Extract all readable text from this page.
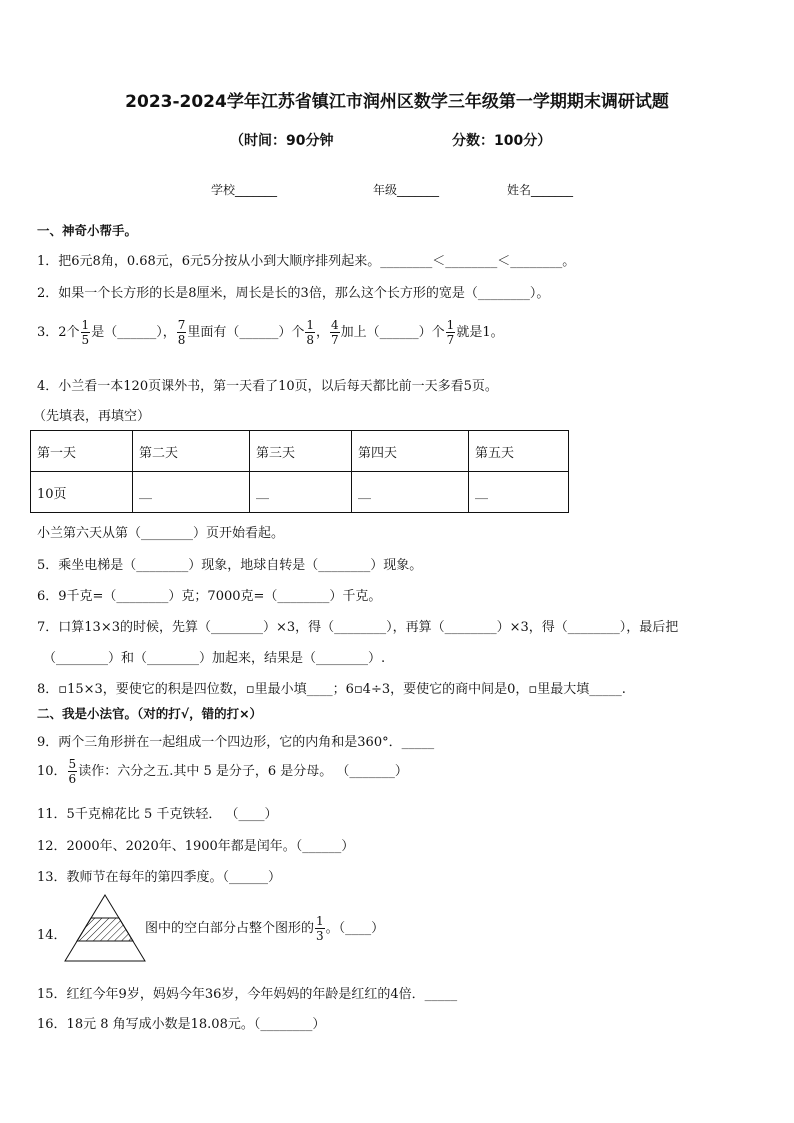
2023-2024学年江苏省镇江市润州区数学三年级第一学期期末调研试题
（时间：90分钟	分数：100分）
学校_______	年级_______	姓名_______
一、神奇小帮手。
1．把6元8角，0.68元，6元5分按从小到大顺序排列起来。________＜________＜________。
2．如果一个长方形的长是8厘米，周长是长的3倍，那么这个长方形的宽是（________）。
3．2个 $\frac{1}{5}$ 是（______）， $\frac{7}{8}$ 里面有（______）个 $\frac{1}{8}$ ， $\frac{4}{7}$ 加上（______）个 $\frac{1}{7}$ 就是1。
4．小兰看一本120页课外书，第一天看了10页，以后每天都比前一天多看5页。
（先填表，再填空）
第一天	第二天	第三天	第四天	第五天
10页	__	__	__	__
小兰第六天从第（________）页开始看起。
5．乘坐电梯是（________）现象，地球自转是（________）现象。
6．9千克=（________）克；7000克=（________）千克。
7．口算13×3的时候，先算（________）×3，得（________），再算（________）×3，得（________），最后把
（________）和（________）加起来，结果是（________）.
8．▫15×3，要使它的积是四位数，▫里最小填____；6▫4÷3，要使它的商中间是0，▫里最大填_____.
二、我是小法官。（对的打√，错的打×）
9．两个三角形拼在一起组成一个四边形，它的内角和是360°．_____
10． $\frac{5}{6}$ 读作：六分之五.其中 5 是分子，6 是分母。 （_______）
11．5千克棉花比 5 千克铁轻． （____）
12．2000年、2020年、1900年都是闰年。（______）
13．教师节在每年的第四季度。（______）
14．	图中的空白部分占整个图形的 $\frac{1}{3}$ 。（____）
15．红红今年9岁，妈妈今年36岁，今年妈妈的年龄是红红的4倍．_____
16．18元 8 角写成小数是18.08元。（________）
